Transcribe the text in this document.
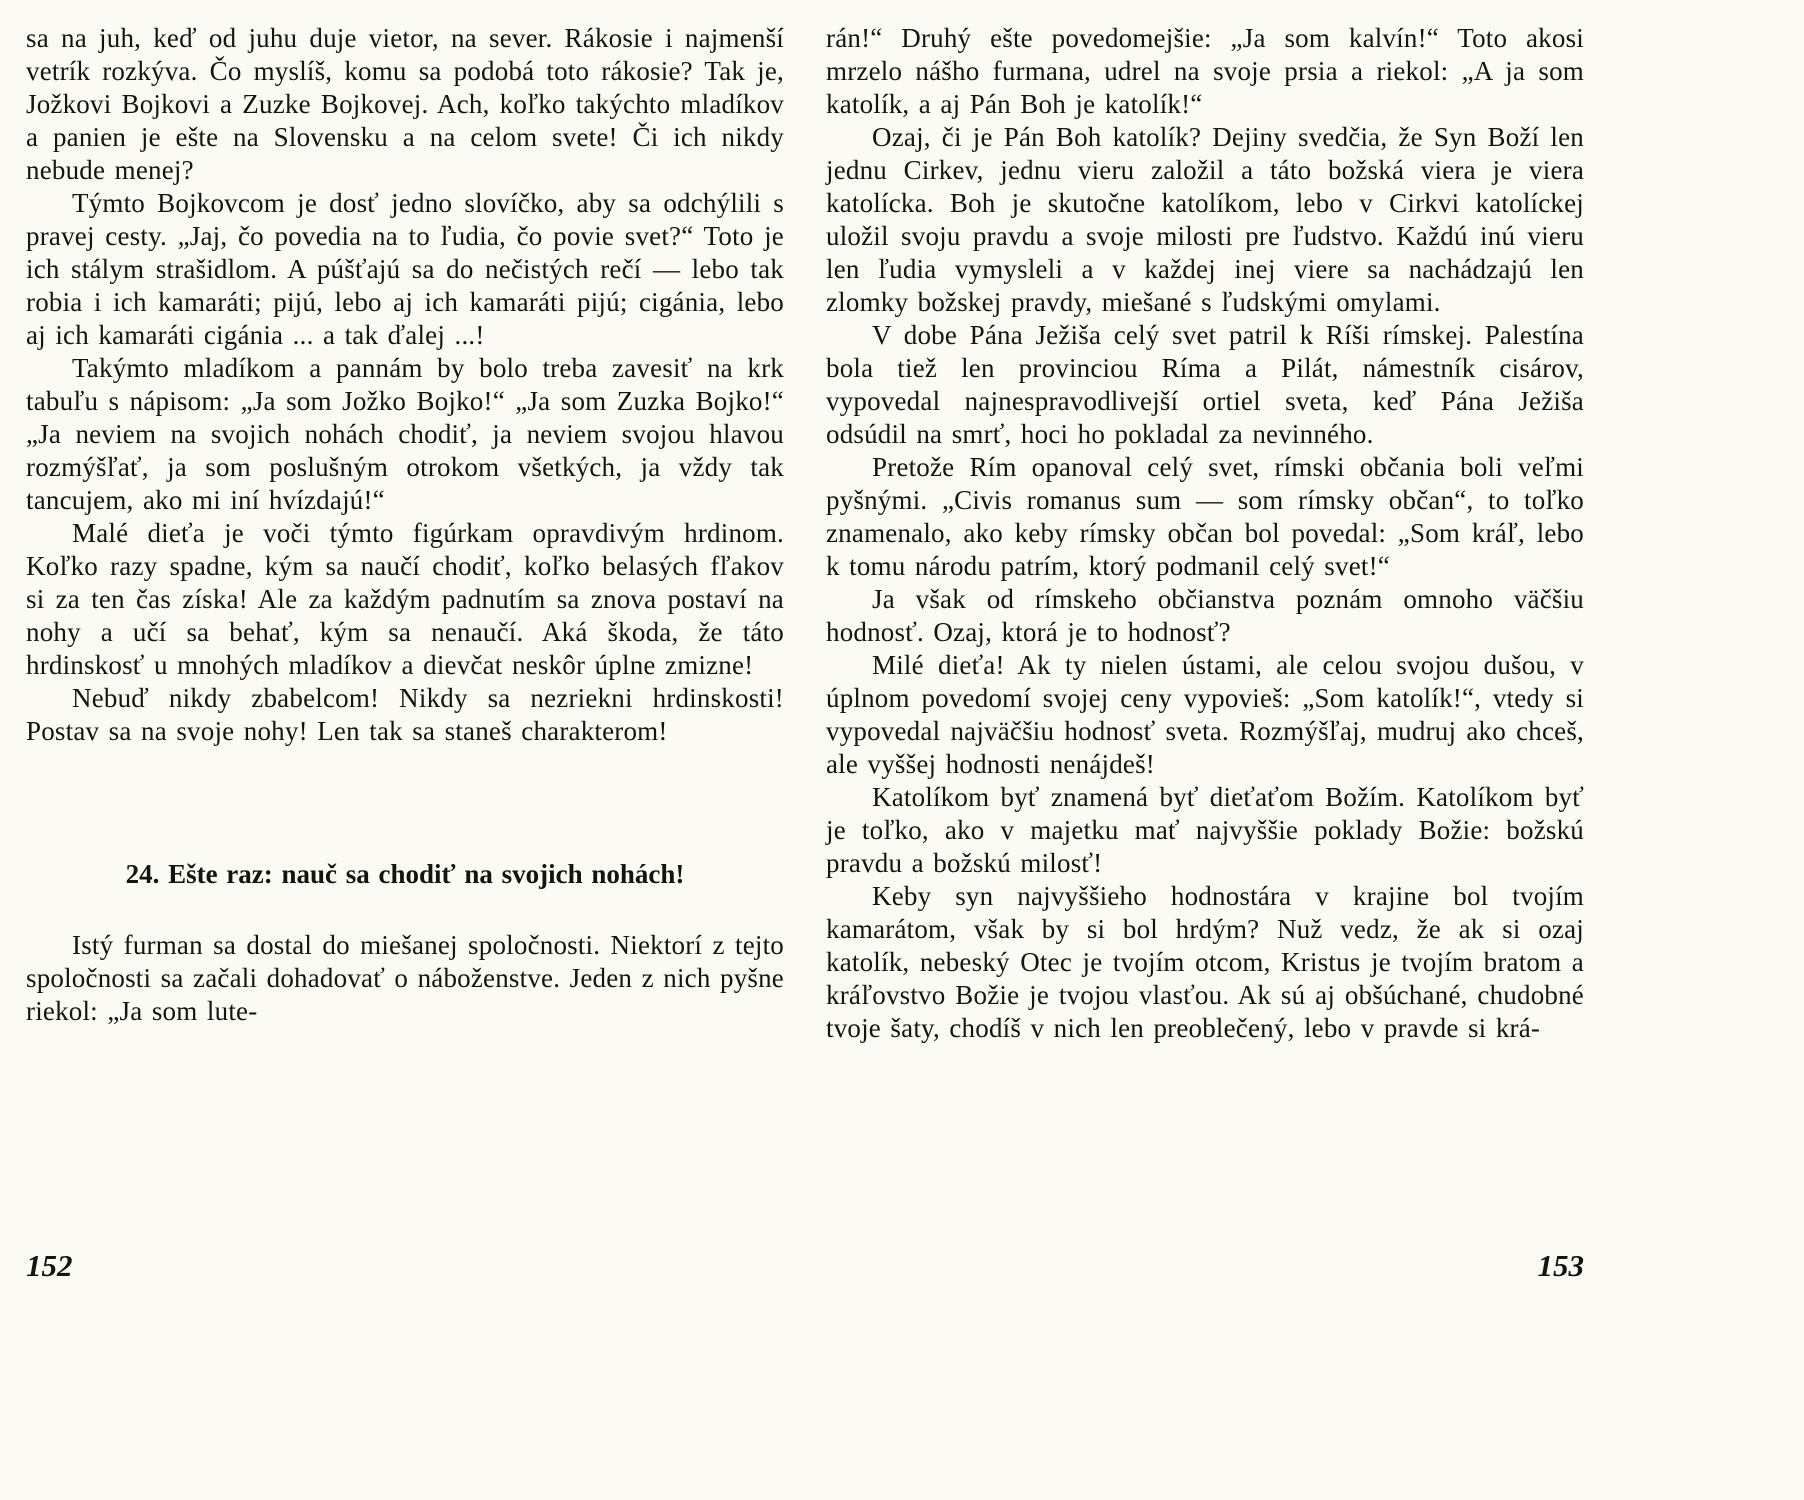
sa na juh, keď od juhu duje vietor, na sever. Rákosie i najmenší vetrík rozkýva. Čo myslíš, komu sa podobá toto rákosie? Tak je, Jožkovi Bojkovi a Zuzke Bojkovej. Ach, koľko takýchto mladíkov a panien je ešte na Slovensku a na celom svete! Či ich nikdy nebude menej?

Týmto Bojkovcom je dosť jedno slovíčko, aby sa odchýlili s pravej cesty. „Jaj, čo povedia na to ľudia, čo povie svet?“ Toto je ich stálym strašidlom. A púšťajú sa do nečistých rečí — lebo tak robia i ich kamaráti; pijú, lebo aj ich kamaráti pijú; cigánia, lebo aj ich kamaráti cigánia ... a tak ďalej ...!

Takýmto mladíkom a pannám by bolo treba zavesiť na krk tabuľu s nápisom: „Ja som Jožko Bojko!“ „Ja som Zuzka Bojko!“ „Ja neviem na svojich nohách chodiť, ja neviem svojou hlavou rozmýšľať, ja som poslušným otrokom všetkých, ja vždy tak tancujem, ako mi iní hvízdajú!“

Malé dieťa je voči týmto figúrkam opravdivým hrdinom. Koľko razy spadne, kým sa naučí chodiť, koľko belasých fľakov si za ten čas získa! Ale za každým padnutím sa znova postaví na nohy a učí sa behať, kým sa nenaučí. Aká škoda, že táto hrdinskosť u mnohých mladíkov a dievčat neskôr úplne zmizne!

Nebuď nikdy zbabelcom! Nikdy sa nezriekni hrdinskosti! Postav sa na svoje nohy! Len tak sa staneš charakterom!

24. Ešte raz: nauč sa chodiť na svojich nohách!

Istý furman sa dostal do miešanej spoločnosti. Niektorí z tejto spoločnosti sa začali dohadovať o náboženstve. Jeden z nich pyšne riekol: „Ja som lute-

rán!“ Druhý ešte povedomejšie: „Ja som kalvín!“ Toto akosi mrzelo nášho furmana, udrel na svoje prsia a riekol: „A ja som katolík, a aj Pán Boh je katolík!“

Ozaj, či je Pán Boh katolík? Dejiny svedčia, že Syn Boží len jednu Cirkev, jednu vieru založil a táto božská viera je viera katolícka. Boh je skutočne katolíkom, lebo v Cirkvi katolíckej uložil svoju pravdu a svoje milosti pre ľudstvo. Každú inú vieru len ľudia vymysleli a v každej inej viere sa nachádzajú len zlomky božskej pravdy, miešané s ľudskými omylami.

V dobe Pána Ježiša celý svet patril k Ríši rímskej. Palestína bola tiež len provinciou Ríma a Pilát, námestník cisárov, vypovedal najnespravodlivejší ortiel sveta, keď Pána Ježiša odsúdil na smrť, hoci ho pokladal za nevinného.

Pretože Rím opanoval celý svet, rímski občania boli veľmi pyšnými. „Civis romanus sum — som rímsky občan“, to toľko znamenalo, ako keby rímsky občan bol povedal: „Som kráľ, lebo k tomu národu patrím, ktorý podmanil celý svet!“

Ja však od rímskeho občianstva poznám omnoho väčšiu hodnosť. Ozaj, ktorá je to hodnosť?

Milé dieťa! Ak ty nielen ústami, ale celou svojou dušou, v úplnom povedomí svojej ceny vypovieš: „Som katolík!“, vtedy si vypovedal najväčšiu hodnosť sveta. Rozmýšľaj, mudruj ako chceš, ale vyššej hodnosti nenájdeš!

Katolíkom byť znamená byť dieťaťom Božím. Katolíkom byť je toľko, ako v majetku mať najvyššie poklady Božie: božskú pravdu a božskú milosť!

Keby syn najvyššieho hodnostára v krajine bol tvojím kamarátom, však by si bol hrdým? Nuž vedz, že ak si ozaj katolík, nebeský Otec je tvojím otcom, Kristus je tvojím bratom a kráľovstvo Božie je tvojou vlasťou. Ak sú aj obšúchané, chudobné tvoje šaty, chodíš v nich len preoblečený, lebo v pravde si krá-

152	153
